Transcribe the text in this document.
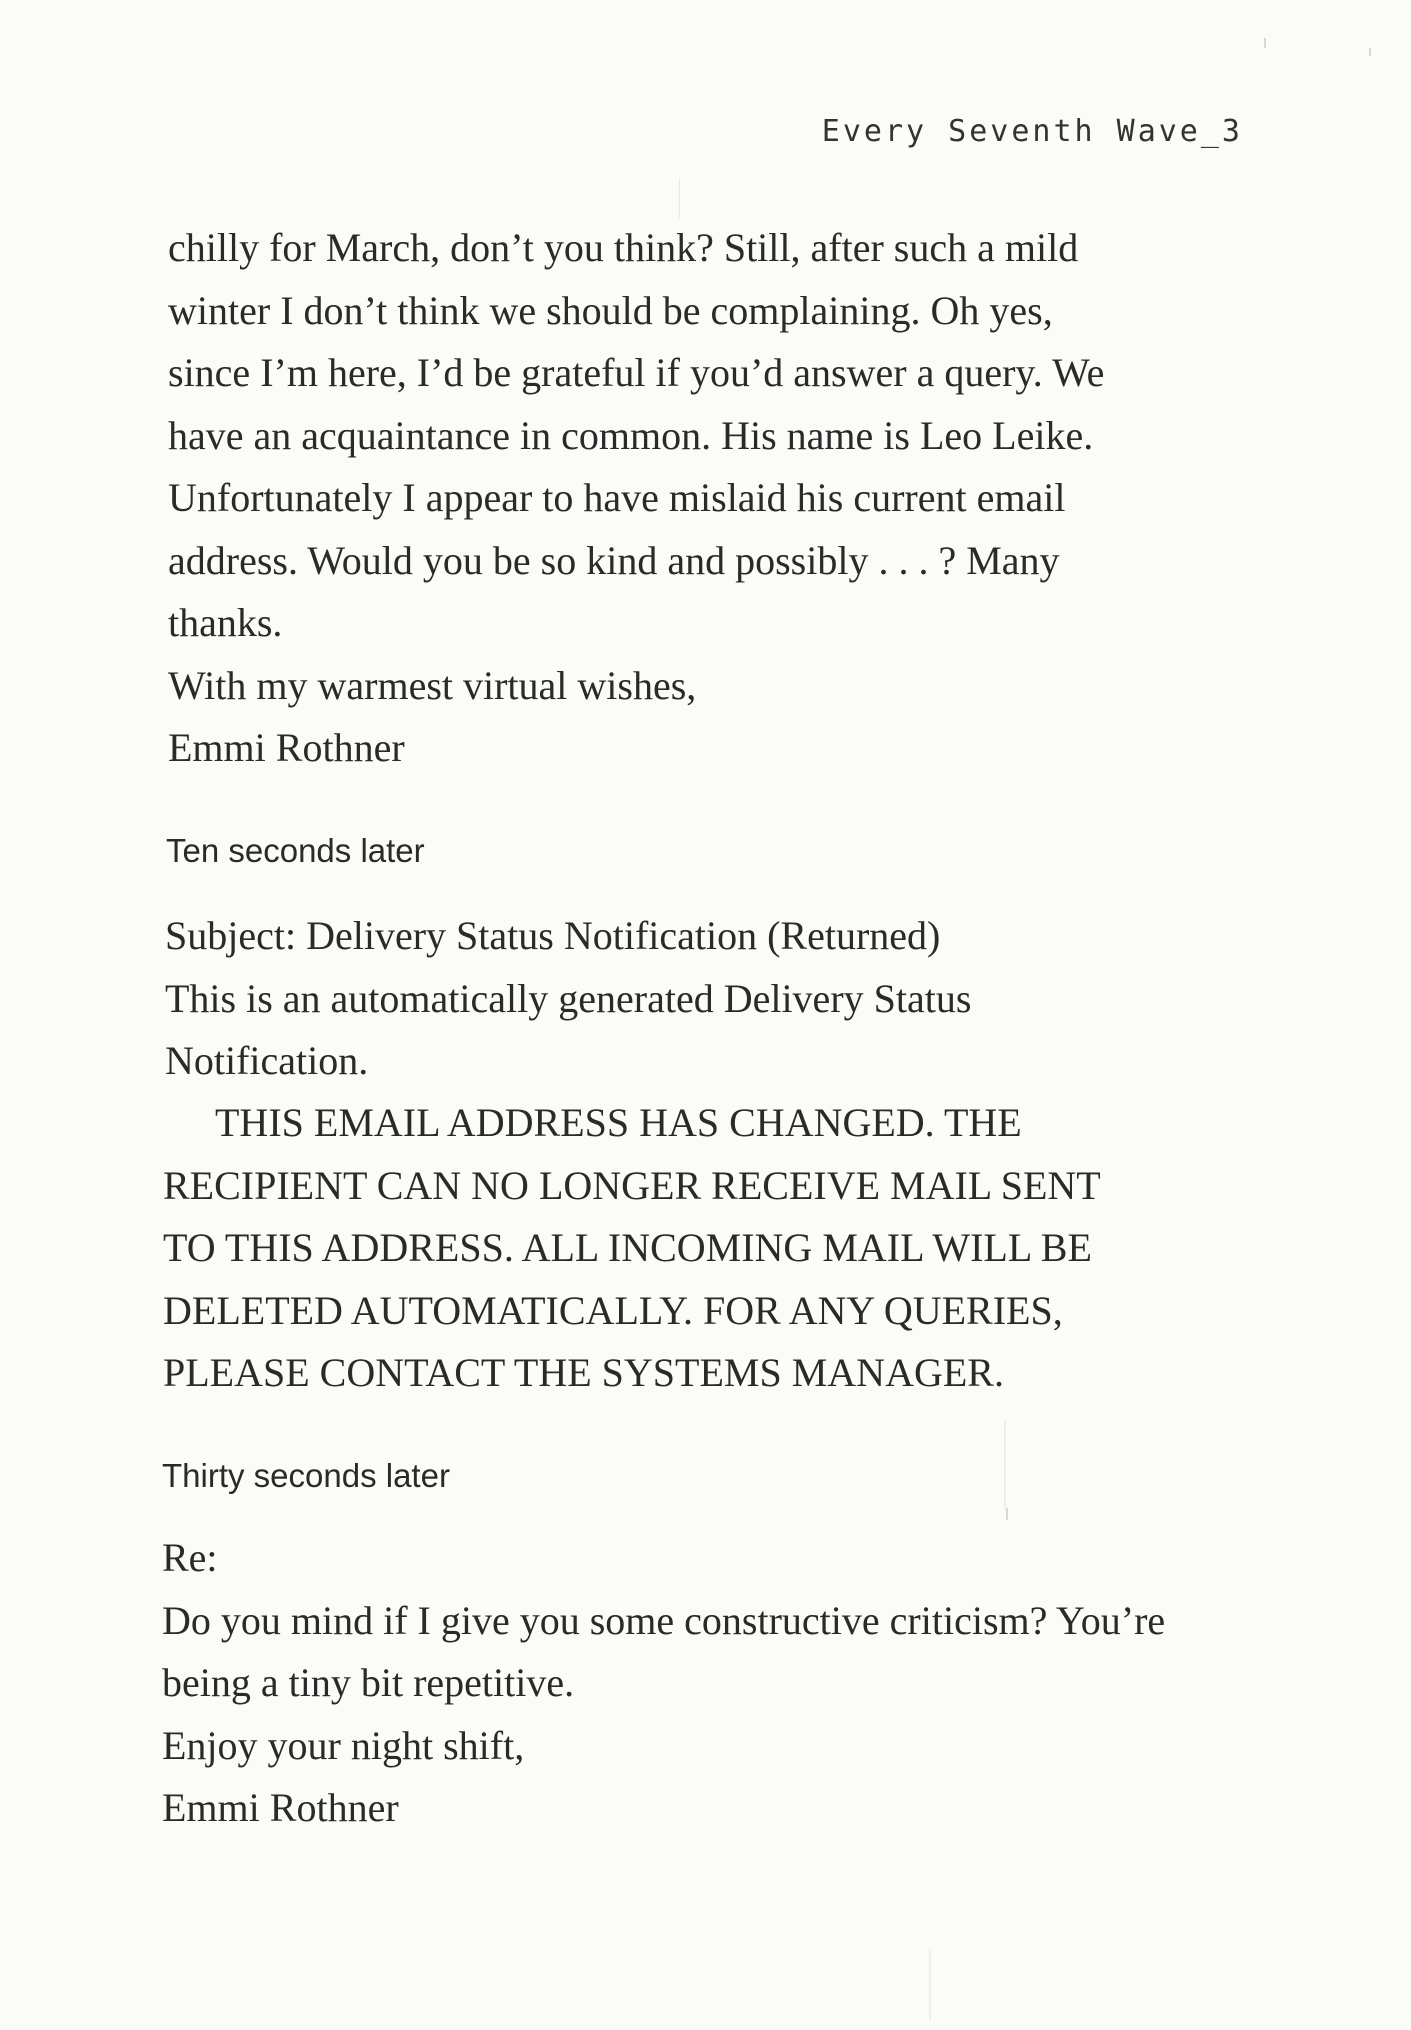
Every Seventh Wave_3

chilly for March, don’t you think? Still, after such a mild

winter I don’t think we should be complaining. Oh yes,

since I’m here, I’d be grateful if you’d answer a query. We

have an acquaintance in common. His name is Leo Leike.

Unfortunately I appear to have mislaid his current email

address. Would you be so kind and possibly . . . ? Many

thanks.

With my warmest virtual wishes,

Emmi Rothner

Ten seconds later

Subject: Delivery Status Notification (Returned)

This is an automatically generated Delivery Status

Notification.

THIS EMAIL ADDRESS HAS CHANGED. THE

RECIPIENT CAN NO LONGER RECEIVE MAIL SENT

TO THIS ADDRESS. ALL INCOMING MAIL WILL BE

DELETED AUTOMATICALLY. FOR ANY QUERIES,

PLEASE CONTACT THE SYSTEMS MANAGER.

Thirty seconds later

Re:

Do you mind if I give you some constructive criticism? You’re

being a tiny bit repetitive.

Enjoy your night shift,

Emmi Rothner
